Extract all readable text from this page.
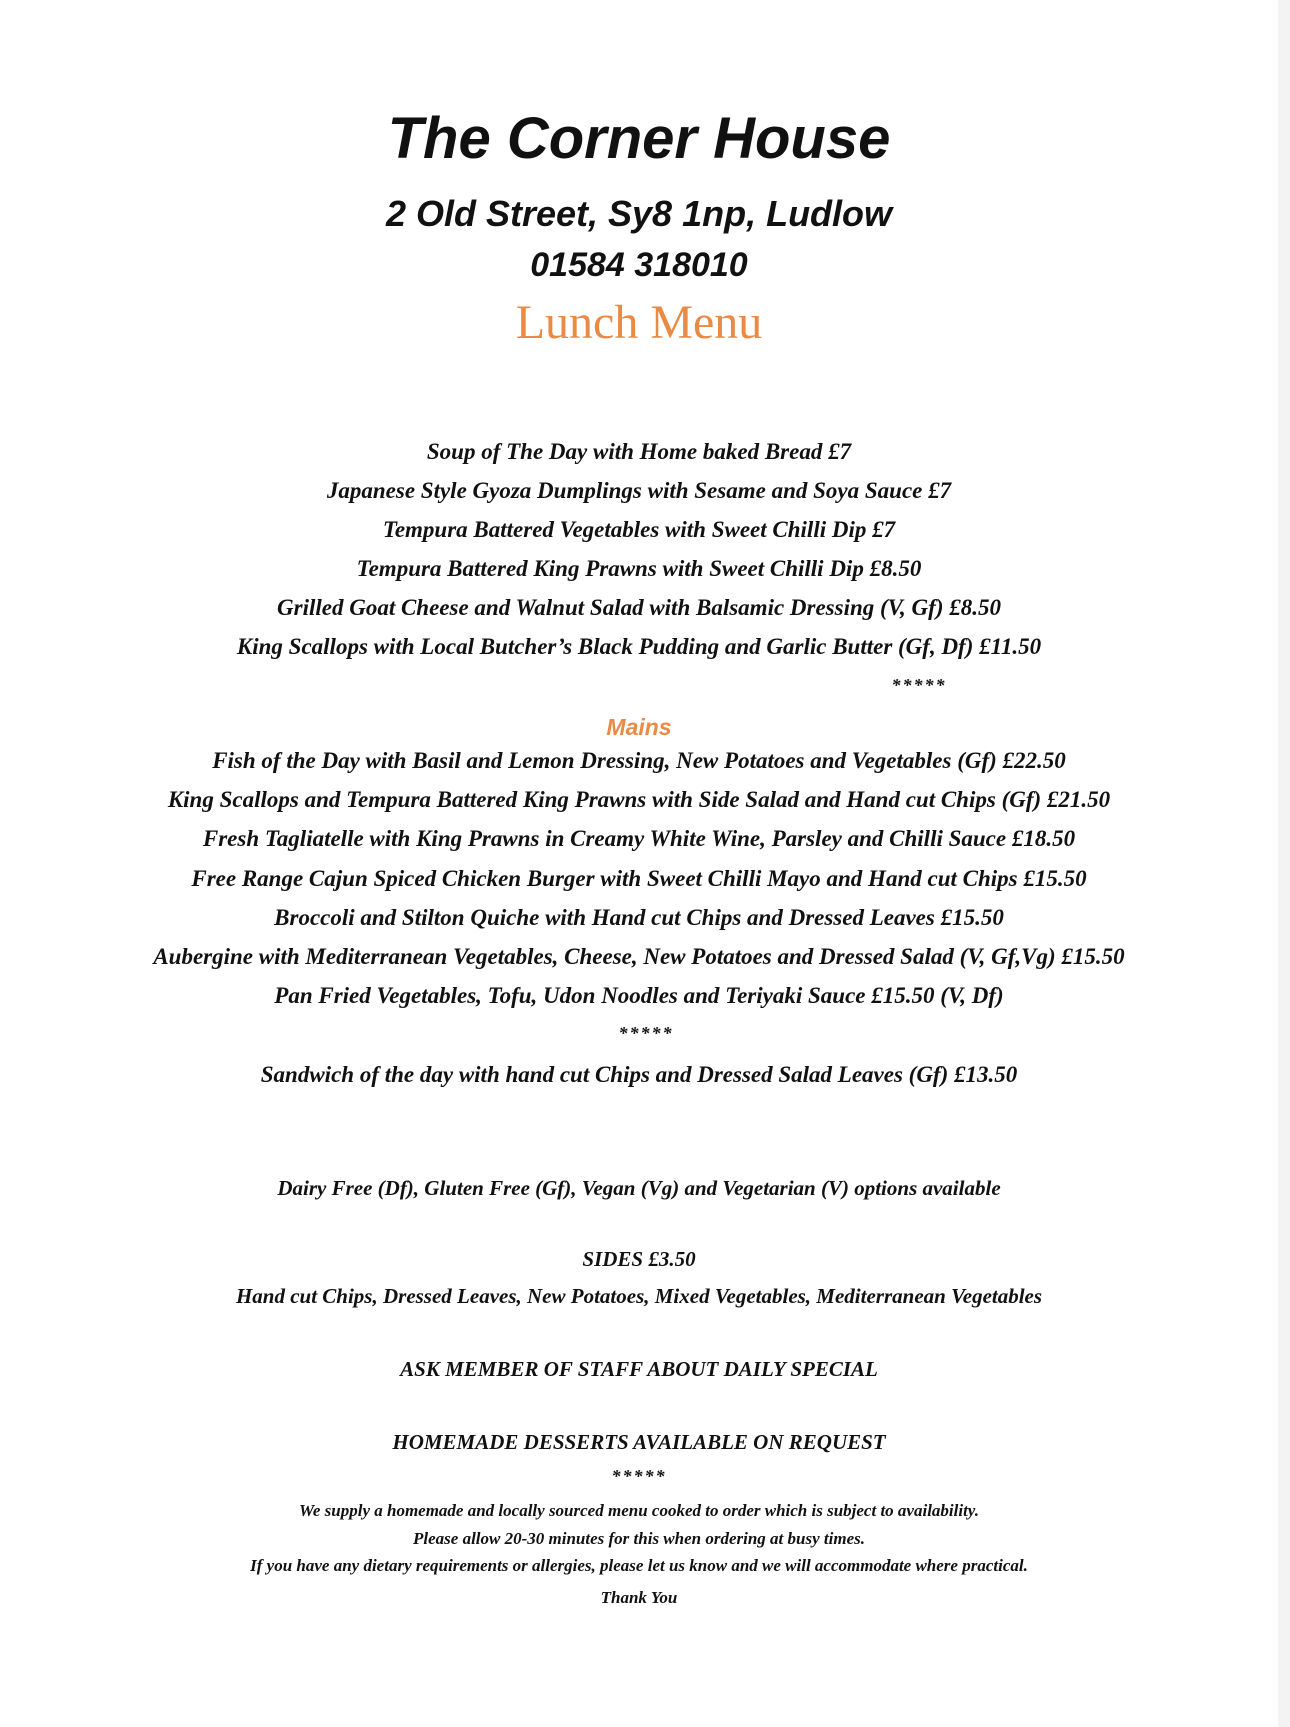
The Corner House
2 Old Street, Sy8 1np, Ludlow
01584 318010
Lunch Menu
Soup of The Day with Home baked Bread £7
Japanese Style Gyoza Dumplings with Sesame and Soya Sauce £7
Tempura Battered Vegetables with Sweet Chilli Dip £7
Tempura Battered King Prawns with Sweet Chilli Dip £8.50
Grilled Goat Cheese and Walnut Salad with Balsamic Dressing (V, Gf) £8.50
King Scallops with Local Butcher’s Black Pudding and Garlic Butter (Gf, Df) £11.50
*****
Mains
Fish of the Day with Basil and Lemon Dressing, New Potatoes and Vegetables (Gf) £22.50
King Scallops and Tempura Battered King Prawns with Side Salad and Hand cut Chips (Gf) £21.50
Fresh Tagliatelle with King Prawns in Creamy White Wine, Parsley and Chilli Sauce £18.50
Free Range Cajun Spiced Chicken Burger with Sweet Chilli Mayo and Hand cut Chips £15.50
Broccoli and Stilton Quiche with Hand cut Chips and Dressed Leaves £15.50
Aubergine with Mediterranean Vegetables, Cheese, New Potatoes and Dressed Salad (V, Gf,Vg) £15.50
Pan Fried Vegetables, Tofu, Udon Noodles and Teriyaki Sauce £15.50 (V, Df)
*****
Sandwich of the day with hand cut Chips and Dressed Salad Leaves (Gf) £13.50
Dairy Free (Df), Gluten Free (Gf), Vegan (Vg) and Vegetarian (V) options available
SIDES £3.50
Hand cut Chips, Dressed Leaves, New Potatoes, Mixed Vegetables, Mediterranean Vegetables
ASK MEMBER OF STAFF ABOUT DAILY SPECIAL
HOMEMADE DESSERTS AVAILABLE ON REQUEST
*****
We supply a homemade and locally sourced menu cooked to order which is subject to availability.
Please allow 20-30 minutes for this when ordering at busy times.
If you have any dietary requirements or allergies, please let us know and we will accommodate where practical.
Thank You
